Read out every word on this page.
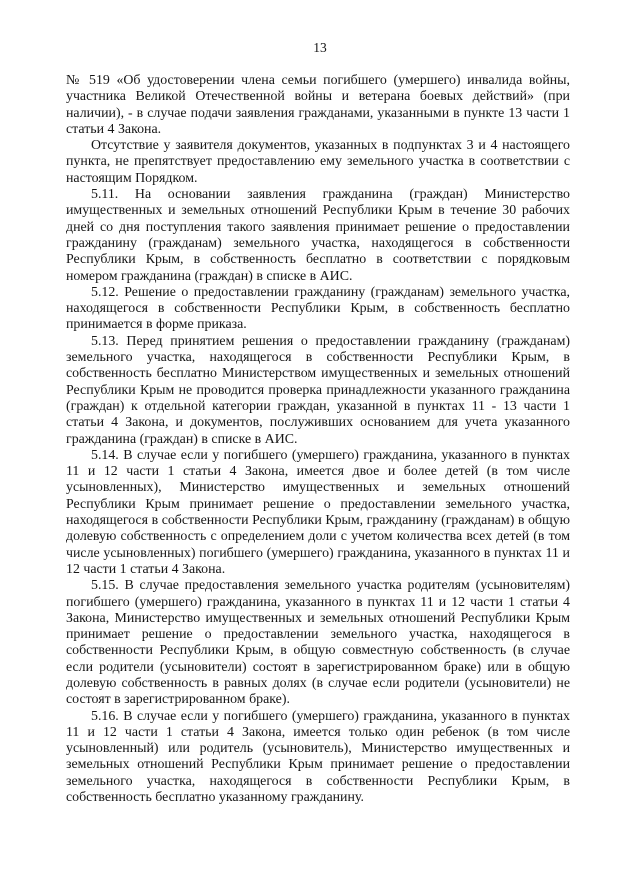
13

№ 519 «Об удостоверении члена семьи погибшего (умершего) инвалида войны, участника Великой Отечественной войны и ветерана боевых действий» (при наличии), - в случае подачи заявления гражданами, указанными в пункте 13 части 1 статьи 4 Закона.

Отсутствие у заявителя документов, указанных в подпунктах 3 и 4 настоящего пункта, не препятствует предоставлению ему земельного участка в соответствии с настоящим Порядком.

5.11. На основании заявления гражданина (граждан) Министерство имущественных и земельных отношений Республики Крым в течение 30 рабочих дней со дня поступления такого заявления принимает решение о предоставлении гражданину (гражданам) земельного участка, находящегося в собственности Республики Крым, в собственность бесплатно в соответствии с порядковым номером гражданина (граждан) в списке в АИС.

5.12. Решение о предоставлении гражданину (гражданам) земельного участка, находящегося в собственности Республики Крым, в собственность бесплатно принимается в форме приказа.

5.13. Перед принятием решения о предоставлении гражданину (гражданам) земельного участка, находящегося в собственности Республики Крым, в собственность бесплатно Министерством имущественных и земельных отношений Республики Крым не проводится проверка принадлежности указанного гражданина (граждан) к отдельной категории граждан, указанной в пунктах 11 - 13 части 1 статьи 4 Закона, и документов, послуживших основанием для учета указанного гражданина (граждан) в списке в АИС.

5.14. В случае если у погибшего (умершего) гражданина, указанного в пунктах 11 и 12 части 1 статьи 4 Закона, имеется двое и более детей (в том числе усыновленных), Министерство имущественных и земельных отношений Республики Крым принимает решение о предоставлении земельного участка, находящегося в собственности Республики Крым, гражданину (гражданам) в общую долевую собственность с определением доли с учетом количества всех детей (в том числе усыновленных) погибшего (умершего) гражданина, указанного в пунктах 11 и 12 части 1 статьи 4 Закона.

5.15. В случае предоставления земельного участка родителям (усыновителям) погибшего (умершего) гражданина, указанного в пунктах 11 и 12 части 1 статьи 4 Закона, Министерство имущественных и земельных отношений Республики Крым принимает решение о предоставлении земельного участка, находящегося в собственности Республики Крым, в общую совместную собственность (в случае если родители (усыновители) состоят в зарегистрированном браке) или в общую долевую собственность в равных долях (в случае если родители (усыновители) не состоят в зарегистрированном браке).

5.16. В случае если у погибшего (умершего) гражданина, указанного в пунктах 11 и 12 части 1 статьи 4 Закона, имеется только один ребенок (в том числе усыновленный) или родитель (усыновитель), Министерство имущественных и земельных отношений Республики Крым принимает решение о предоставлении земельного участка, находящегося в собственности Республики Крым, в собственность бесплатно указанному гражданину.
